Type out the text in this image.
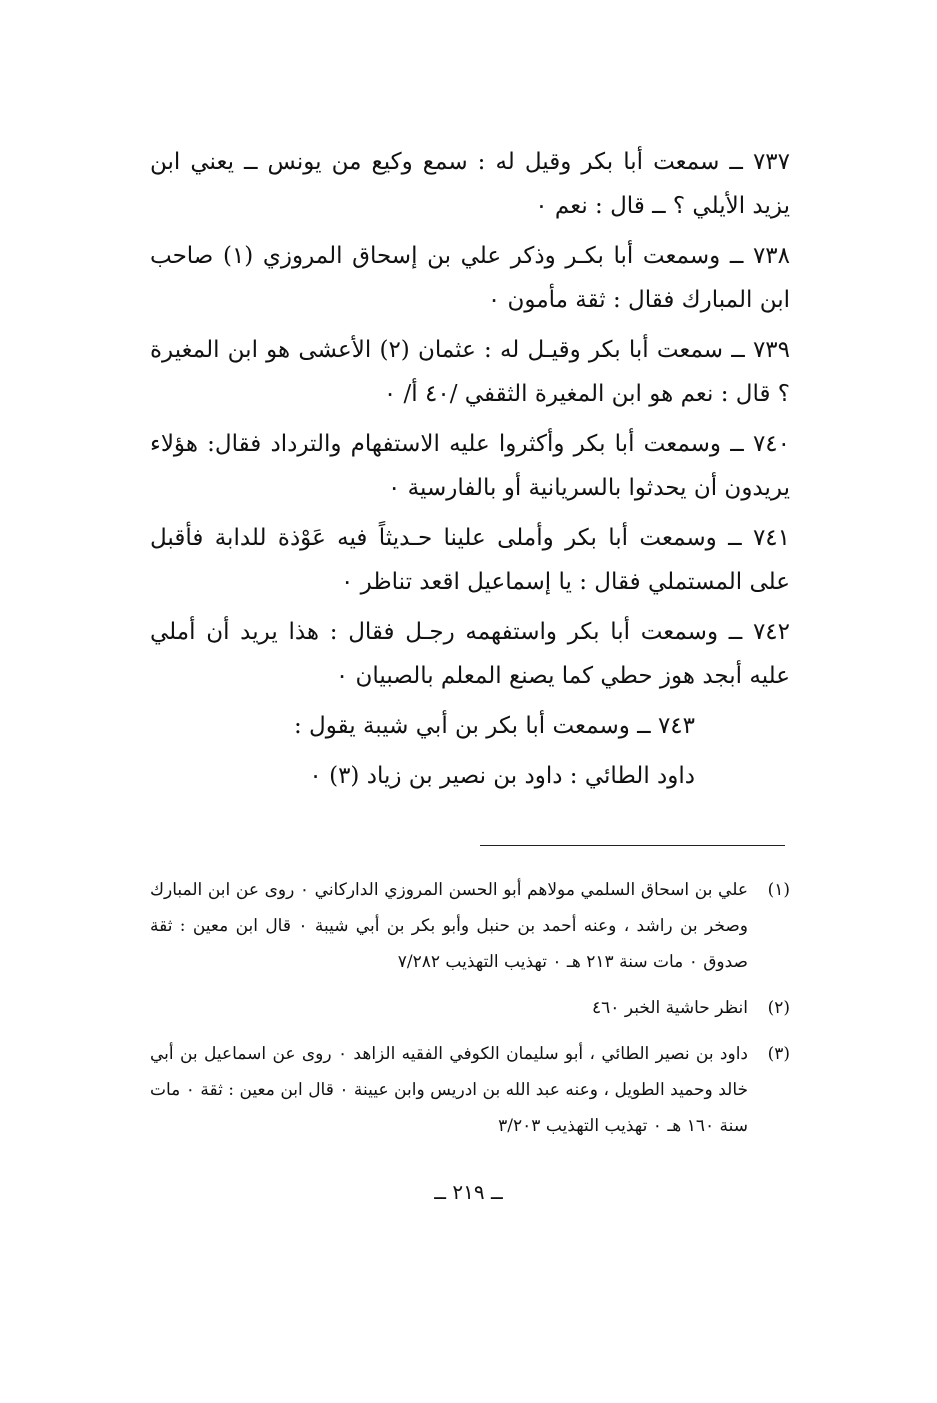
٧٣٧ ــ سمعت أبا بكر وقيل له : سمع وكيع من يونس ــ يعني ابن يزيد الأيلي ؟ ــ قال : نعم ٠

٧٣٨ ــ وسمعت أبا بكـر وذكر علي بن إسحاق المروزي (١) صاحب ابن المبارك فقال : ثقة مأمون ٠

٧٣٩ ــ سمعت أبا بكر وقيـل له : عثمان (٢) الأعشى هو ابن المغيرة ؟ قال : نعم هو ابن المغيرة الثقفي /٤٠ أ/ ٠

٧٤٠ ــ وسمعت أبا بكر وأكثروا عليه الاستفهام والترداد فقال: هؤلاء يريدون أن يحدثوا بالسريانية أو بالفارسية ٠

٧٤١ ــ وسمعت أبا بكر وأملى علينا حـديثاً فيه عَوْذة للدابة فأقبل على المستملي فقال : يا إسماعيل اقعد تناظر ٠

٧٤٢ ــ وسمعت أبا بكر واستفهمه رجـل فقال : هذا يريد أن أملي عليه أبجد هوز حطي كما يصنع المعلم بالصبيان ٠

٧٤٣ ــ وسمعت أبا بكر بن أبي شيبة يقول :

داود الطائي : داود بن نصير بن زياد (٣) ٠

(١)
علي بن اسحاق السلمي مولاهم أبو الحسن المروزي الداركاني ٠ روى عن ابن المبارك وصخر بن راشد ، وعنه أحمد بن حنبل وأبو بكر بن أبي شيبة ٠ قال ابن معين : ثقة صدوق ٠ مات سنة ٢١٣ هـ ٠ تهذيب التهذيب ٧/٢٨٢
(٢)
انظر حاشية الخبر ٤٦٠
(٣)
داود بن نصير الطائي ، أبو سليمان الكوفي الفقيه الزاهد ٠ روى عن اسماعيل بن أبي خالد وحميد الطويل ، وعنه عبد الله بن ادريس وابن عيينة ٠ قال ابن معين : ثقة ٠ مات سنة ١٦٠ هـ ٠ تهذيب التهذيب ٣/٢٠٣
ــ ٢١٩ ــ
